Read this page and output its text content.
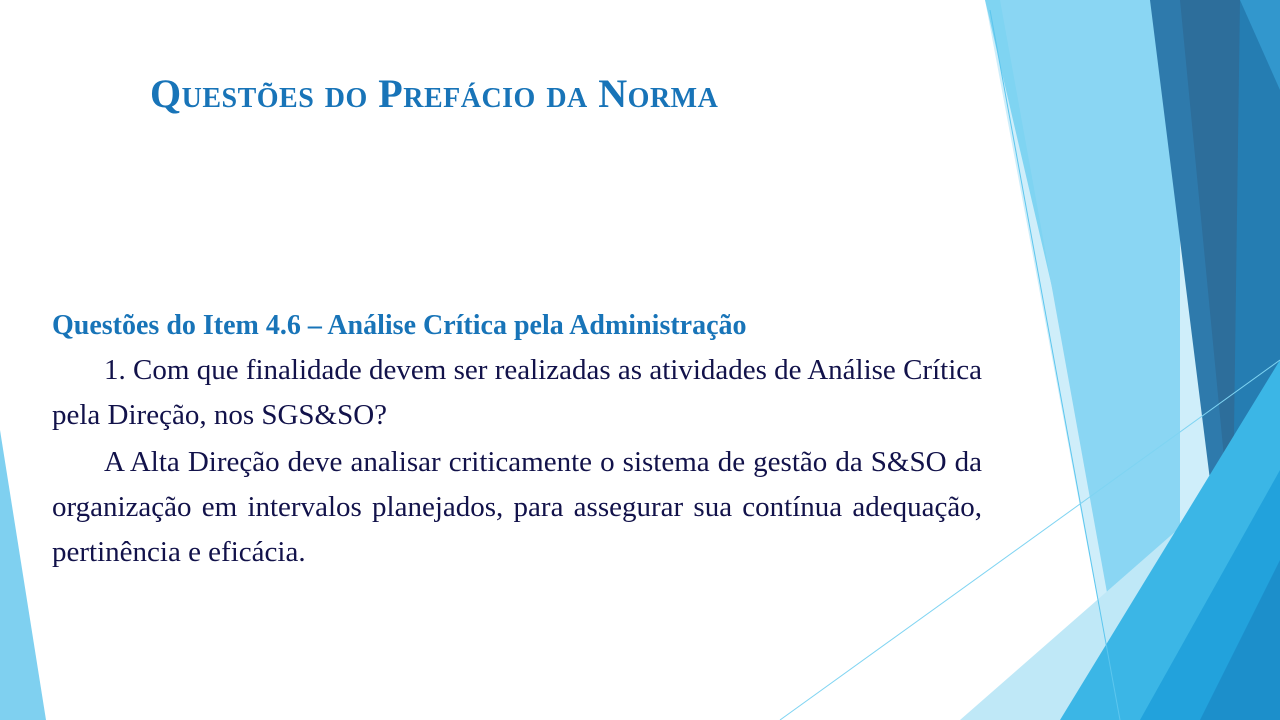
Questões do Prefácio da Norma

Questões do Item 4.6 – Análise Crítica pela Administração

1. Com que finalidade devem ser realizadas as atividades de Análise Crítica pela Direção, nos SGS&SO?

A Alta Direção deve analisar criticamente o sistema de gestão da S&SO da organização em intervalos planejados, para assegurar sua contínua adequação, pertinência e eficácia.
